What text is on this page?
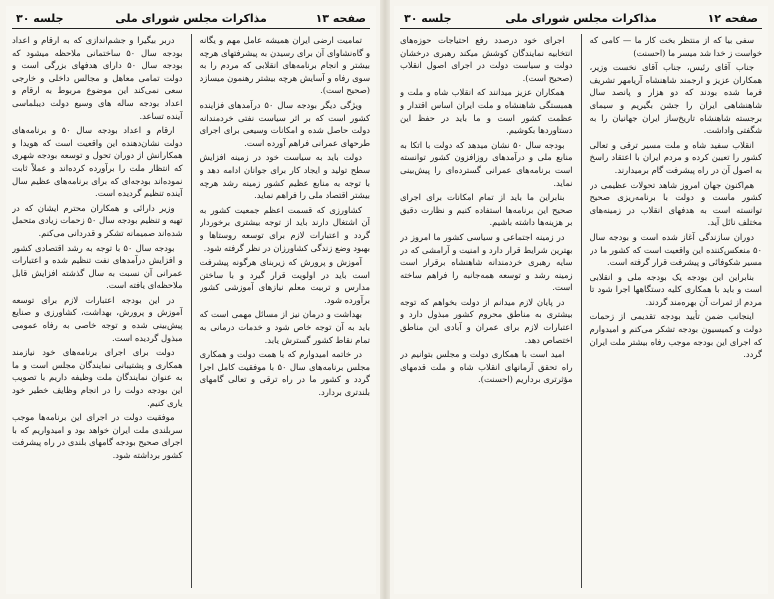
صفحه ۱۳
مذاکرات مجلس شورای ملی
جلسه ۳۰

تمامیت ارضی ایران همیشه عامل مهم و یگانه و گاه‌نشاوای آن برای رسیدن به پیشرفتهای هرچه بیشتر و انجام برنامه‌های انقلابی که مردم را به سوی رفاه و آسایش هرچه بیشتر رهنمون میسازد (صحیح است).

ویژگی دیگر بودجه سال ۵۰ درآمدهای فزاینده کشور است که بر اثر سیاست نفتی خردمندانه دولت حاصل شده و امکانات وسیعی برای اجرای طرحهای عمرانی فراهم آورده است.

دولت باید به سیاست خود در زمینه افزایش سطح تولید و ایجاد کار برای جوانان ادامه دهد و با توجه به منابع عظیم کشور زمینه رشد هرچه بیشتر اقتصاد ملی را فراهم نماید.

کشاورزی که قسمت اعظم جمعیت کشور به آن اشتغال دارند باید از توجه بیشتری برخوردار گردد و اعتبارات لازم برای توسعه روستاها و بهبود وضع زندگی کشاورزان در نظر گرفته شود.

آموزش و پرورش که زیربنای هرگونه پیشرفت است باید در اولویت قرار گیرد و با ساختن مدارس و تربیت معلم نیازهای آموزشی کشور برآورده شود.

بهداشت و درمان نیز از مسائل مهمی است که باید به آن توجه خاص شود و خدمات درمانی به تمام نقاط کشور گسترش یابد.

در خاتمه امیدوارم که با همت دولت و همکاری مجلس برنامه‌های سال ۵۰ با موفقیت کامل اجرا گردد و کشور ما در راه ترقی و تعالی گامهای بلندتری بردارد.

دربر بیگیرا و جشم‌اندازی که به ارقام و اعداد بودجه سال ۵۰ ساختمانی ملاحظه میشود که بودجه سال ۵۰ دارای هدفهای بزرگی است و دولت تمامی معاهل و مجالس داخلی و خارجی سعی نمی‌کند این موضوع مربوط به ارقام و اعداد بودجه ساله های وسیع دولت دیبلماسی آینده تساعد.

ارقام و اعداد بودجه سال ۵۰ و برنامه‌های دولت نشان‌دهنده این واقعیت است که هویدا و همکارانش از دوران تحول و توسعه بودجه شهری که انتظار ملت را برآورده کرده‌اند و عملاً ثابت نموده‌اند بودجه‌ای که برای برنامه‌های عظیم سال آینده تنظیم گردیده است.

وزیر دارائی و همکاران محترم ایشان که در تهیه و تنظیم بودجه سال ۵۰ زحمات زیادی متحمل شده‌اند صمیمانه تشکر و قدردانی می‌کنم.

بودجه سال ۵۰ با توجه به رشد اقتصادی کشور و افزایش درآمدهای نفت تنظیم شده و اعتبارات عمرانی آن نسبت به سال گذشته افزایش قابل ملاحظه‌ای یافته است.

در این بودجه اعتبارات لازم برای توسعه آموزش و پرورش، بهداشت، کشاورزی و صنایع پیش‌بینی شده و توجه خاصی به رفاه عمومی مبذول گردیده است.

دولت برای اجرای برنامه‌های خود نیازمند همکاری و پشتیبانی نمایندگان مجلس است و ما به عنوان نمایندگان ملت وظیفه داریم با تصویب این بودجه دولت را در انجام وظایف خطیر خود یاری کنیم.

موفقیت دولت در اجرای این برنامه‌ها موجب سربلندی ملت ایران خواهد بود و امیدواریم که با اجرای صحیح بودجه گامهای بلندی در راه پیشرفت کشور برداشته شود.

صفحه ۱۲
مذاکرات مجلس شورای ملی
جلسه ۳۰

سفی بیا که از منتظر بخت کار ما — کامی که خواست ز خدا شد میسر ما (احسنت)

جناب آقای رئیس، جناب آقای نخست وزیر، همکاران عزیز و ارجمند شاهنشاه آریامهر تشریف فرما شده بودند که دو هزار و پانصد سال شاهنشاهی ایران را جشن بگیریم و سیمای برجسته شاهنشاه تاریخ‌ساز ایران جهانیان را به شگفتی واداشت.

انقلاب سفید شاه و ملت مسیر ترقی و تعالی کشور را تعیین کرده و مردم ایران با اعتقاد راسخ به اصول آن در راه پیشرفت گام برمیدارند.

هم‌اکنون جهان امروز شاهد تحولات عظیمی در کشور ماست و دولت با برنامه‌ریزی صحیح توانسته است به هدفهای انقلاب در زمینه‌های مختلف نائل آید.

دوران سازندگی آغاز شده است و بودجه سال ۵۰ منعکس‌کننده این واقعیت است که کشور ما در مسیر شکوفائی و پیشرفت قرار گرفته است.

بنابراین این بودجه یک بودجه ملی و انقلابی است و باید با همکاری کلیه دستگاهها اجرا شود تا مردم از ثمرات آن بهره‌مند گردند.

اینجانب ضمن تأیید بودجه تقدیمی از زحمات دولت و کمیسیون بودجه تشکر می‌کنم و امیدوارم که اجرای این بودجه موجب رفاه بیشتر ملت ایران گردد.

اجرای خود درصدد رفع احتیاجات حوزه‌های انتخابیه نمایندگان کوشش میکند رهبری درخشان دولت و سیاست دولت در اجرای اصول انقلاب (صحیح است).

همکاران عزیز میدانند که انقلاب شاه و ملت و همبستگی شاهنشاه و ملت ایران اساس اقتدار و عظمت کشور است و ما باید در حفظ این دستاوردها بکوشیم.

بودجه سال ۵۰ نشان میدهد که دولت با اتکا به منابع ملی و درآمدهای روزافزون کشور توانسته است برنامه‌های عمرانی گسترده‌ای را پیش‌بینی نماید.

بنابراین ما باید از تمام امکانات برای اجرای صحیح این برنامه‌ها استفاده کنیم و نظارت دقیق بر هزینه‌ها داشته باشیم.

در زمینه اجتماعی و سیاسی کشور ما امروز در بهترین شرایط قرار دارد و امنیت و آرامشی که در سایه رهبری خردمندانه شاهنشاه برقرار است زمینه رشد و توسعه همه‌جانبه را فراهم ساخته است.

در پایان لازم میدانم از دولت بخواهم که توجه بیشتری به مناطق محروم کشور مبذول دارد و اعتبارات لازم برای عمران و آبادی این مناطق اختصاص دهد.

امید است با همکاری دولت و مجلس بتوانیم در راه تحقق آرمانهای انقلاب شاه و ملت قدمهای مؤثرتری برداریم (احسنت).
